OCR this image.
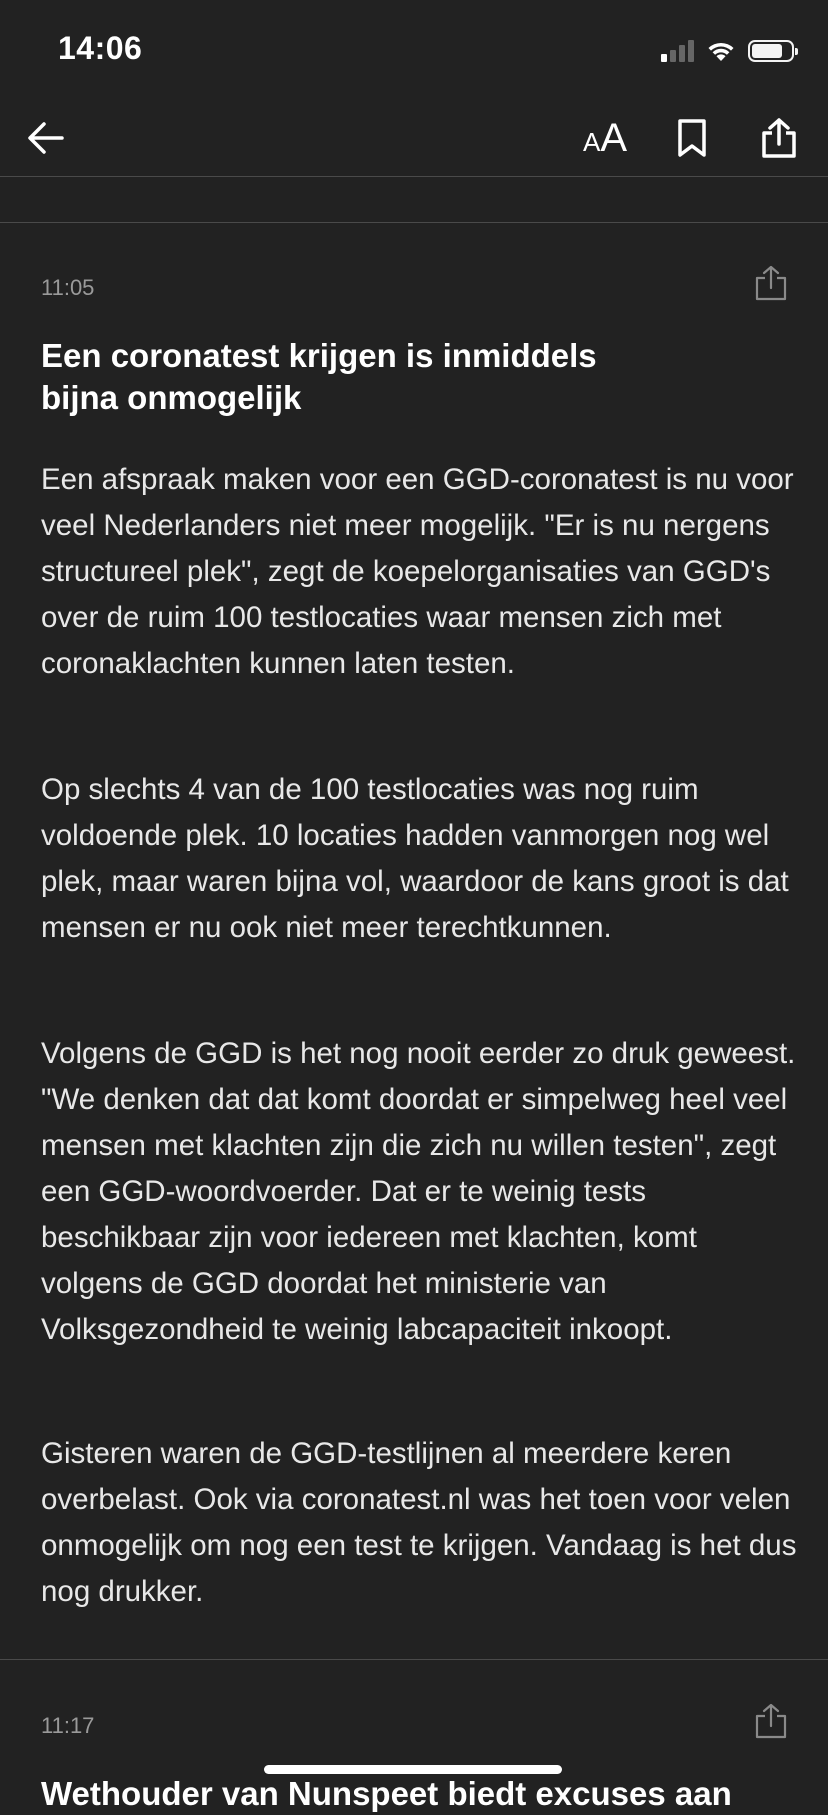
14:06
A A
11:05
Een coronatest krijgen is inmiddels
bijna onmogelijk
Een afspraak maken voor een GGD-coronatest is nu voor veel Nederlanders niet meer mogelijk. "Er is nu nergens structureel plek", zegt de koepelorganisaties van GGD's over de ruim 100 testlocaties waar mensen zich met coronaklachten kunnen laten testen.
Op slechts 4 van de 100 testlocaties was nog ruim voldoende plek. 10 locaties hadden vanmorgen nog wel plek, maar waren bijna vol, waardoor de kans groot is dat mensen er nu ook niet meer terechtkunnen.
Volgens de GGD is het nog nooit eerder zo druk geweest. "We denken dat dat komt doordat er simpelweg heel veel mensen met klachten zijn die zich nu willen testen", zegt een GGD-woordvoerder. Dat er te weinig tests beschikbaar zijn voor iedereen met klachten, komt volgens de GGD doordat het ministerie van Volksgezondheid te weinig labcapaciteit inkoopt.
Gisteren waren de GGD-testlijnen al meerdere keren overbelast. Ook via coronatest.nl was het toen voor velen onmogelijk om nog een test te krijgen. Vandaag is het dus nog drukker.
11:17
Wethouder van Nunspeet biedt excuses aan
